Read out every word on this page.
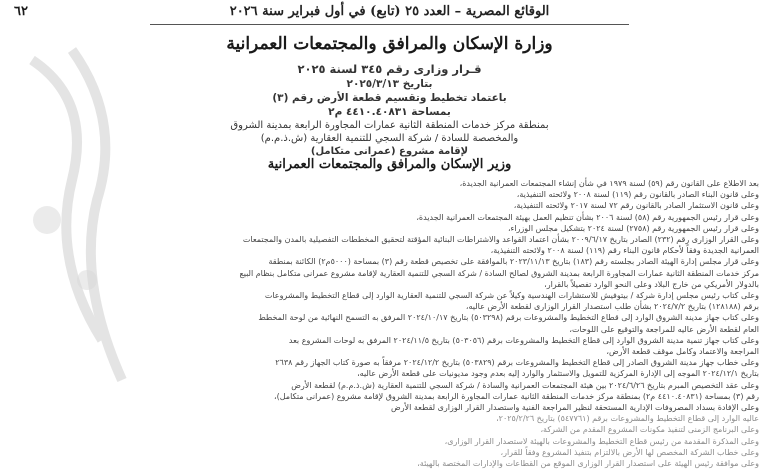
الوقائع المصرية – العدد ٢٥ (تابع) في أول فبراير سنة ٢٠٢٦
٦٢
وزارة الإسكان والمرافق والمجتمعات العمرانية
قـرار وزارى رقم ٣٤٥ لسنة ٢٠٢٥
بتاريخ ٢٠٢٥/٣/١٣
باعتماد تخطيط وتقسيم قطعة الأرض رقم (٣)
بمساحة ٤٤١٠.٤٠٨٣١ م٢
بمنطقة مركز خدمات المنطقة الثانية عمارات المجاورة الرابعة بمدينة الشروق
والمخصصة للسادة / شركة السجي للتنمية العقارية (ش.ذ.م.م)
لإقامة مشروع (عمرانى متكامل)
وزير الإسكان والمرافق والمجتمعات العمرانية
بعد الاطلاع على القانون رقم (٥٩) لسنة ١٩٧٩ في شأن إنشاء المجتمعات العمرانية الجديدة،
وعلى قانون البناء الصادر بالقانون رقم (١١٩) لسنة ٢٠٠٨ ولائحته التنفيذية،
وعلى قانون الاستثمار الصادر بالقانون رقم ٧٢ لسنة ٢٠١٧ ولائحته التنفيذية،
وعلى قرار رئيس الجمهورية رقم (٥٨) لسنة ٢٠٠٦ بشأن تنظيم العمل بهيئة المجتمعات العمرانية الجديدة،
وعلى قرار رئيس الجمهورية رقم (٢٧٥٨) لسنة ٢٠٢٤ بتشكيل مجلس الوزراء،
وعلى القرار الوزارى رقم (٢٣٢) الصادر بتاريخ ٢٠٠٩/٦/١٧ بشأن اعتماد القواعد والاشتراطات البنائية المؤقتة لتحقيق المخططات التفصيلية بالمدن والمجتمعات
العمرانية الجديدة وفقاً لأحكام قانون البناء رقم (١١٩) لسنة ٢٠٠٨ ولائحته التنفيذية،
وعلى قرار مجلس إدارة الهيئة الصادر بجلسته رقم (١٨٣) بتاريخ ٢٠٢٣/١١/١٣ بالموافقة على تخصيص قطعة رقم (٣) بمساحة (٥٠٠٠م٢) الكائنة بمنطقة
مركز خدمات المنطقة الثانية عمارات المجاورة الرابعة بمدينة الشروق لصالح السادة / شركة السجي للتنمية العقارية لإقامة مشروع عمرانى متكامل بنظام البيع
بالدولار الأمريكي من خارج البلاد وعلى النحو الوارد تفصيلاً بالقرار،
وعلى كتاب رئيس مجلس إدارة شركة / بيتوفيش للاستشارات الهندسية وكيلاً عن شركة السجي للتنمية العقارية الوارد إلى قطاع التخطيط والمشروعات
برقم (١٢٨١٨٨) بتاريخ ٢٠٢٤/٧/٢ بشأن طلب استصدار القرار الوزارى لقطعة الأرض عاليه،
وعلى كتاب جهاز مدينة الشروق الوارد إلى قطاع التخطيط والمشروعات برقم (٥٠٣٢٩٨) بتاريخ ٢٠٢٤/١٠/١٧ المرفق به التسمح النهائية من لوحة المخطط
العام لقطعة الأرض عاليه للمراجعة والتوقيع على اللوحات،
وعلى كتاب جهاز تنمية مدينة الشروق الوارد إلى قطاع التخطيط والمشروعات برقم (٥٠٣٠٥٦) بتاريخ ٢٠٢٤/١١/٥ المرفق به لوحات المشروع بعد
المراجعة والاعتماد وكامل موقف قطعة الأرض،
وعلى خطاب جهاز مدينة الشروق الصادر إلى قطاع التخطيط والمشروعات برقم (٥٠٣٨٢٩) بتاريخ ٢٠٢٤/١٢/٢ مرفقاً به صورة كتاب الجهاز رقم ٢٦٣٨
بتاريخ ٢٠٢٤/١٢/١ الموجه إلى الإدارة المركزية للتمويل والاستثمار والوارد إليه بعدم وجود مديونيات على قطعة الأرض عاليه،
وعلى عقد التخصيص المبرم بتاريخ ٢٠٢٤/٦/٢٦ بين هيئة المجتمعات العمرانية والسادة / شركة السجي للتنمية العقارية (ش.ذ.م.م) لقطعة الأرض
رقم (٣) بمساحة (٤٤١٠.٤٠٨٣١ م٢) بمنطقة مركز خدمات المنطقة الثانية عمارات المجاورة الرابعة بمدينة الشروق لإقامة مشروع (عمرانى متكامل)،
وعلى الإفادة بسداد المصروفات الإدارية المستحقة لنظير المراجعة الفنية واستصدار القرار الوزارى لقطعة الأرض
عاليه الوارد إلى قطاع التخطيط والمشروعات برقم (٥٤٧٧٦١) بتاريخ ٢٠٢٥/٢/٢٦،
وعلى البرنامج الزمنى لتنفيذ مكونات المشروع المقدم من الشركة،
وعلى المذكرة المقدمة من رئيس قطاع التخطيط والمشروعات بالهيئة لاستصدار القرار الوزارى،
وعلى خطاب الشركة المخصص لها الأرض بالالتزام بتنفيذ المشروع وفقاً للقرار،
وعلى موافقة رئيس الهيئة على استصدار القرار الوزارى الموقع من القطاعات والإدارات المختصة بالهيئة،
